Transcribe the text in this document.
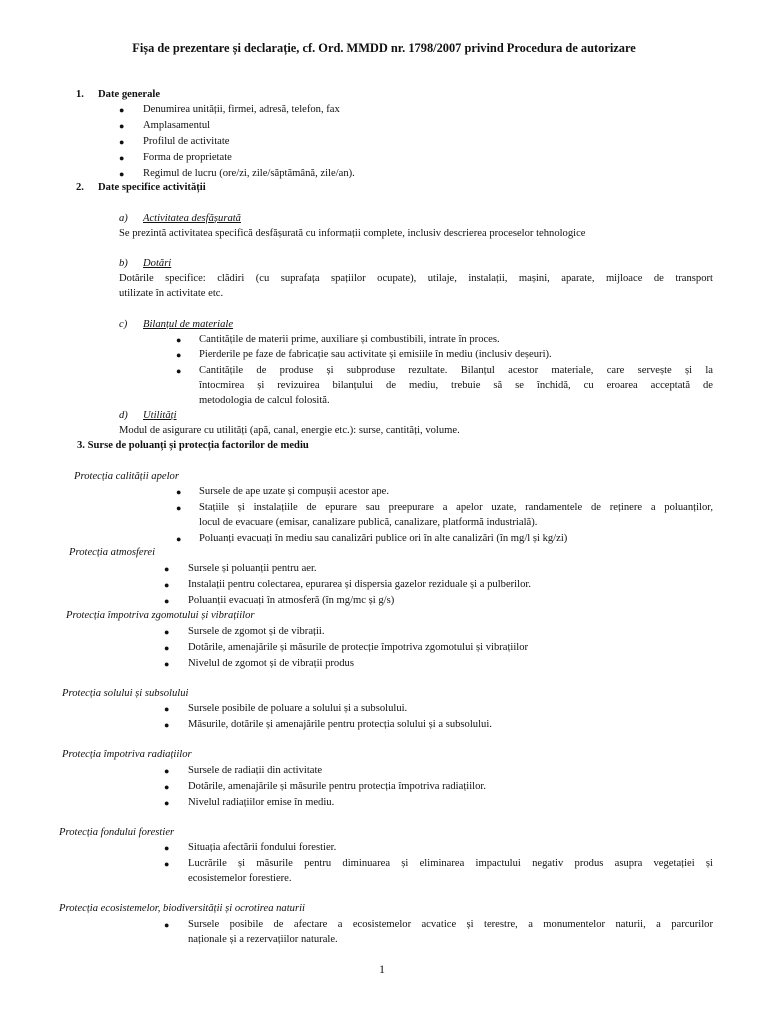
Fișa de prezentare și declarație, cf. Ord. MMDD nr. 1798/2007 privind Procedura de autorizare
1. Date generale
● Denumirea unității, firmei, adresă, telefon, fax
● Amplasamentul
● Profilul de activitate
● Forma de proprietate
● Regimul de lucru (ore/zi, zile/săptămână, zile/an).
2. Date specifice activității
a) Activitatea desfășurată
Se prezintă activitatea specifică desfășurată cu informații complete, inclusiv descrierea proceselor tehnologice
b) Dotări
Dotările specifice: clădiri (cu suprafața spațiilor ocupate), utilaje, instalații, mașini, aparate, mijloace de transport
utilizate în activitate etc.
c) Bilanțul de materiale
● Cantitățile de materii prime, auxiliare și combustibili, intrate în proces.
● Pierderile pe faze de fabricație sau activitate și emisiile în mediu (inclusiv deșeuri).
● Cantitățile de produse și subproduse rezultate. Bilanțul acestor materiale, care servește și la
întocmirea și revizuirea bilanțului de mediu, trebuie să se închidă, cu eroarea acceptată de
metodologia de calcul folosită.
d) Utilități
Modul de asigurare cu utilități (apă, canal, energie etc.): surse, cantități, volume.
3. Surse de poluanți și protecția factorilor de mediu
Protecția calității apelor
● Sursele de ape uzate și compușii acestor ape.
● Stațiile și instalațiile de epurare sau preepurare a apelor uzate, randamentele de reținere a poluanților,
locul de evacuare (emisar, canalizare publică, canalizare, platformă industrială).
● Poluanți evacuați în mediu sau canalizări publice ori în alte canalizări (în mg/l și kg/zi)
Protecția atmosferei
● Sursele și poluanții pentru aer.
● Instalații pentru colectarea, epurarea și dispersia gazelor reziduale și a pulberilor.
● Poluanții evacuați în atmosferă (în mg/mc și g/s)
Protecția împotriva zgomotului și vibrațiilor
● Sursele de zgomot și de vibrații.
● Dotările, amenajările și măsurile de protecție împotriva zgomotului și vibrațiilor
● Nivelul de zgomot și de vibrații produs
Protecția solului și subsolului
● Sursele posibile de poluare a solului și a subsolului.
● Măsurile, dotările și amenajările pentru protecția solului și a subsolului.
Protecția împotriva radiațiilor
● Sursele de radiații din activitate
● Dotările, amenajările și măsurile pentru protecția împotriva radiațiilor.
● Nivelul radiațiilor emise în mediu.
Protecția fondului forestier
● Situația afectării fondului forestier.
● Lucrările și măsurile pentru diminuarea și eliminarea impactului negativ produs asupra vegetației și
ecosistemelor forestiere.
Protecția ecosistemelor, biodiversității și ocrotirea naturii
● Sursele posibile de afectare a ecosistemelor acvatice și terestre, a monumentelor naturii, a parcurilor
naționale și a rezervațiilor naturale.
1
